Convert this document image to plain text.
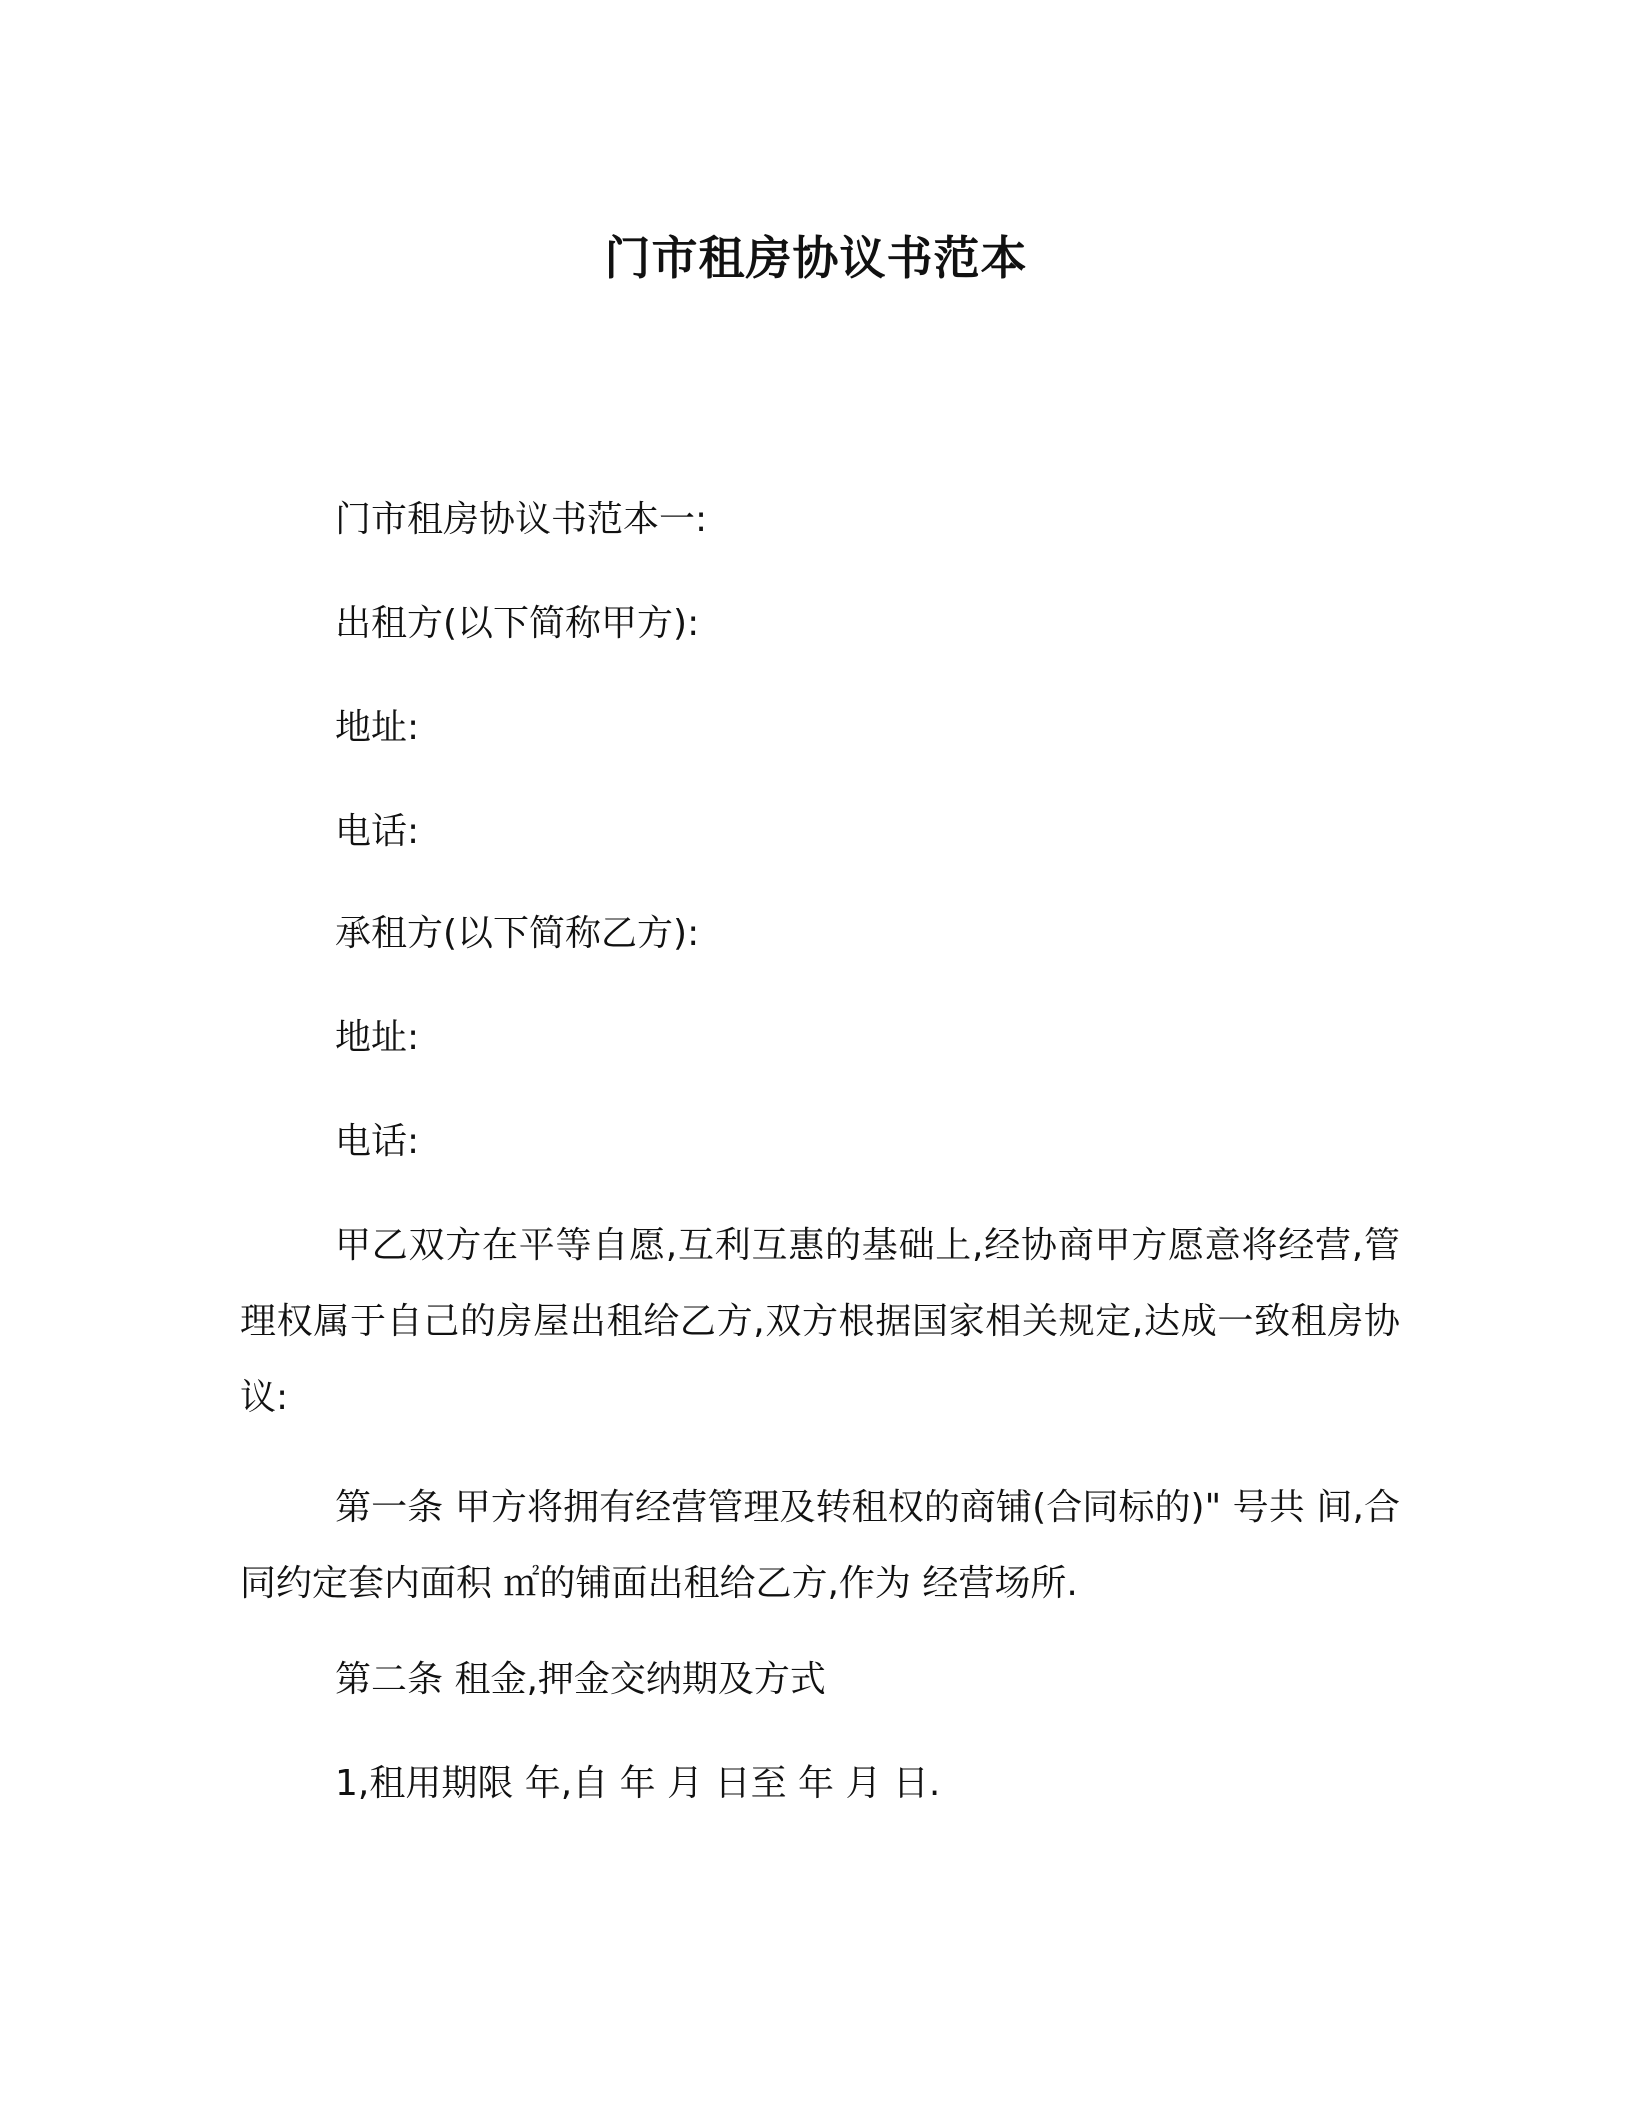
门市租房协议书范本

门市租房协议书范本一:

出租方(以下简称甲方):

地址:

电话:

承租方(以下简称乙方):

地址:

电话:

甲乙双方在平等自愿,互利互惠的基础上,经协商甲方愿意将经营,管理权属于自己的房屋出租给乙方,双方根据国家相关规定,达成一致租房协议:

第一条 甲方将拥有经营管理及转租权的商铺(合同标的)" 号共 间,合同约定套内面积 ㎡的铺面出租给乙方,作为 经营场所.

第二条 租金,押金交纳期及方式

1,租用期限 年,自 年 月 日至 年 月 日.
